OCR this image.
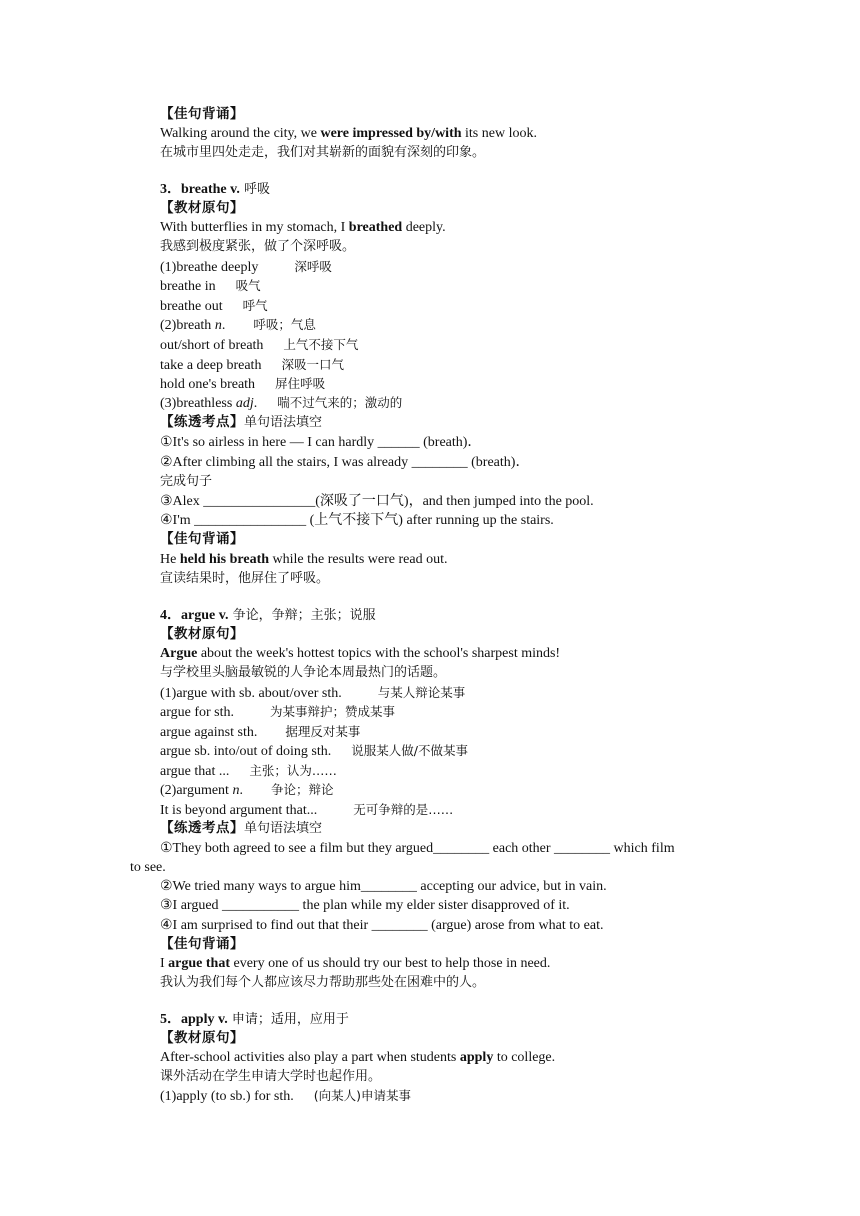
【佳句背诵】
Walking around the city, we were impressed by/with its new look.
在城市里四处走走，我们对其崭新的面貌有深刻的印象。
3．breathe v. 呼吸
【教材原句】
With butterflies in my stomach, I breathed deeply.
我感到极度紧张，做了个深呼吸。
(1)breathe deeply	深呼吸
breathe in 吸气
breathe out 呼气
(2)breath n. 呼吸；气息
out/short of breath 上气不接下气
take a deep breath 深吸一口气
hold one's breath 屏住呼吸
(3)breathless adj. 喘不过气来的；激动的
【练透考点】单句语法填空
①It's so airless in here — I can hardly ______ (breath)．
②After climbing all the stairs, I was already ________ (breath)．
完成句子
③Alex ________________(深吸了一口气)，and then jumped into the pool.
④I'm ________________ (上气不接下气) after running up the stairs.
【佳句背诵】
He held his breath while the results were read out.
宣读结果时，他屏住了呼吸。
4．argue v. 争论，争辩；主张；说服
【教材原句】
Argue about the week's hottest topics with the school's sharpest minds!
与学校里头脑最敏锐的人争论本周最热门的话题。
(1)argue with sb. about/over sth.	与某人辩论某事
argue for sth.	为某事辩护；赞成某事
argue against sth. 据理反对某事
argue sb. into/out of doing sth. 说服某人做/不做某事
argue that ... 主张；认为……
(2)argument n. 争论；辩论
It is beyond argument that...	无可争辩的是……
【练透考点】单句语法填空
①They both agreed to see a film but they argued________ each other ________ which film
to see.
②We tried many ways to argue him________ accepting our advice, but in vain.
③I argued ___________ the plan while my elder sister disapproved of it.
④I am surprised to find out that their ________ (argue) arose from what to eat.
【佳句背诵】
I argue that every one of us should try our best to help those in need.
我认为我们每个人都应该尽力帮助那些处在困难中的人。
5．apply v. 申请；适用，应用于
【教材原句】
After-school activities also play a part when students apply to college.
课外活动在学生申请大学时也起作用。
(1)apply (to sb.) for sth. (向某人)申请某事
